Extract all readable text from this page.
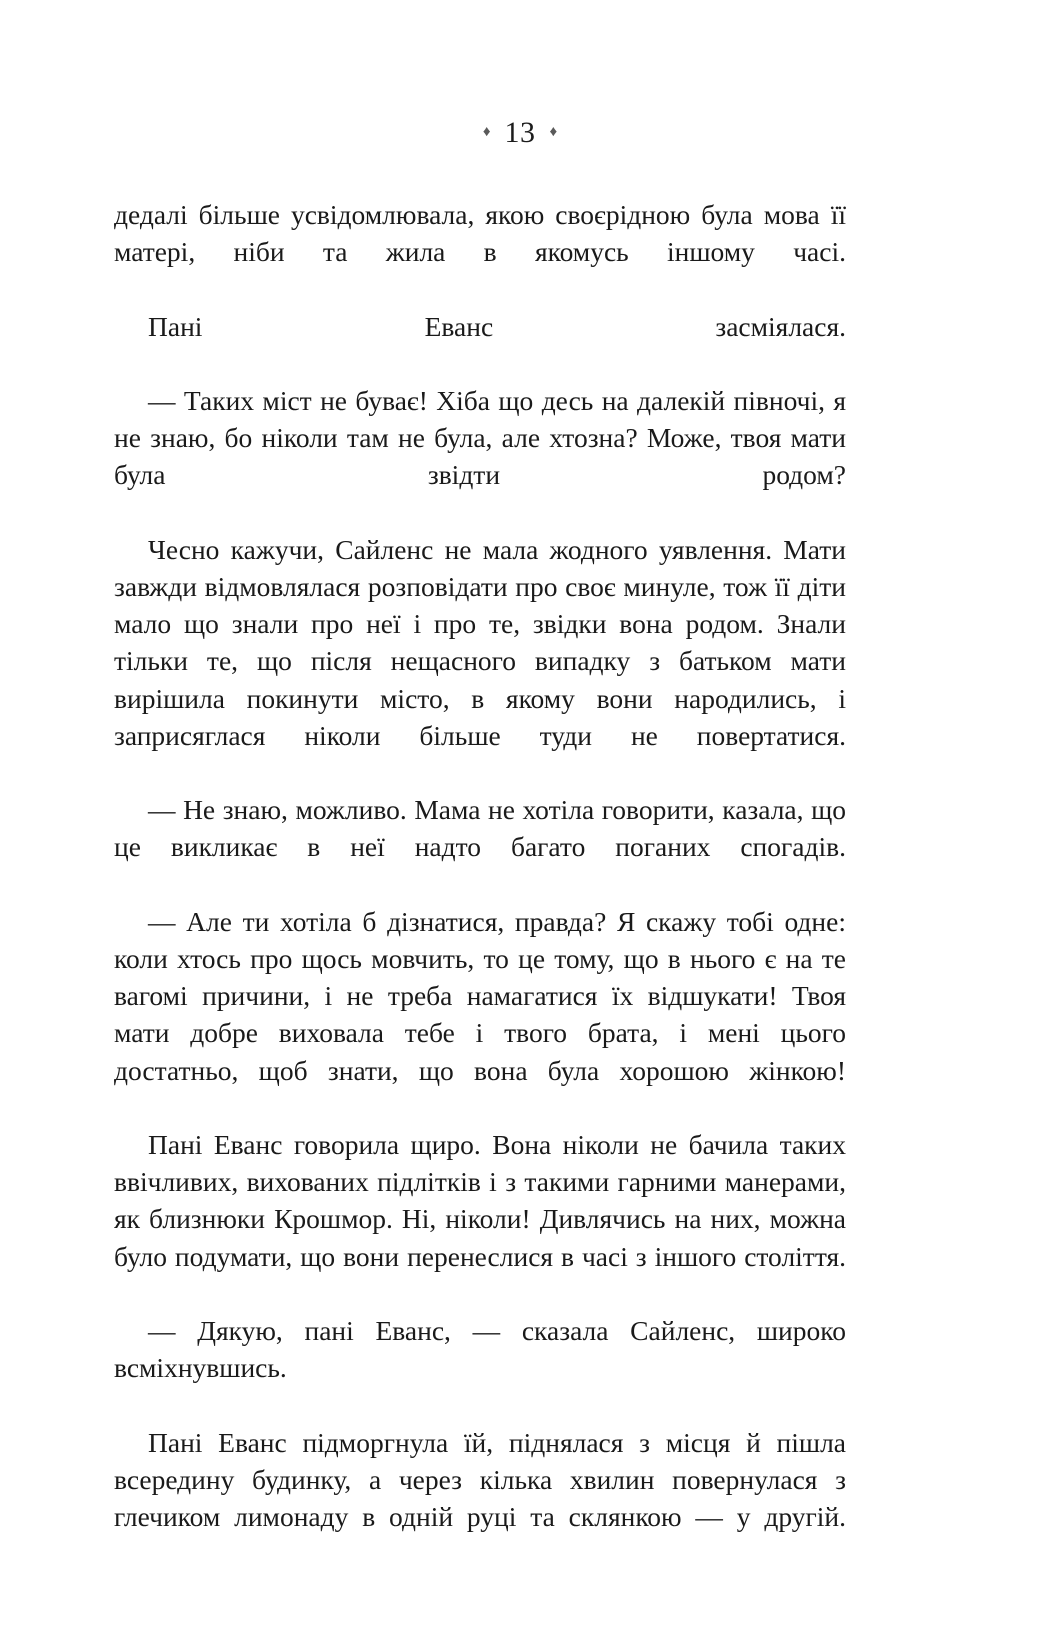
♦ 13 ♦

дедалі більше усвідомлювала, якою своєрідною була мова її матері, ніби та жила в якомусь іншому часі.

Пані Еванс засміялася.

— Таких міст не буває! Хіба що десь на далекій півночі, я не знаю, бо ніколи там не була, але хтозна? Може, твоя мати була звідти родом?

Чесно кажучи, Сайленс не мала жодного уявлення. Мати завжди відмовлялася розповідати про своє минуле, тож її діти мало що знали про неї і про те, звідки вона родом. Знали тільки те, що після нещасного випадку з батьком мати вирішила покинути місто, в якому вони народились, і заприсяглася ніколи більше туди не повертатися.

— Не знаю, можливо. Мама не хотіла говорити, казала, що це викликає в неї надто багато поганих спогадів.

— Але ти хотіла б дізнатися, правда? Я скажу тобі одне: коли хтось про щось мовчить, то це тому, що в нього є на те вагомі причини, і не треба намагатися їх відшукати! Твоя мати добре виховала тебе і твого брата, і мені цього достатньо, щоб знати, що вона була хорошою жінкою!

Пані Еванс говорила щиро. Вона ніколи не бачила таких ввічливих, вихованих підлітків і з такими гарними манерами, як близнюки Крошмор. Ні, ніколи! Дивлячись на них, можна було подумати, що вони перенеслися в часі з іншого століття.

— Дякую, пані Еванс, — сказала Сайленс, широко всміхнувшись.

Пані Еванс підморгнула їй, піднялася з місця й пішла всередину будинку, а через кілька хвилин повернулася з глечиком лимонаду в одній руці та склянкою — у другій.
